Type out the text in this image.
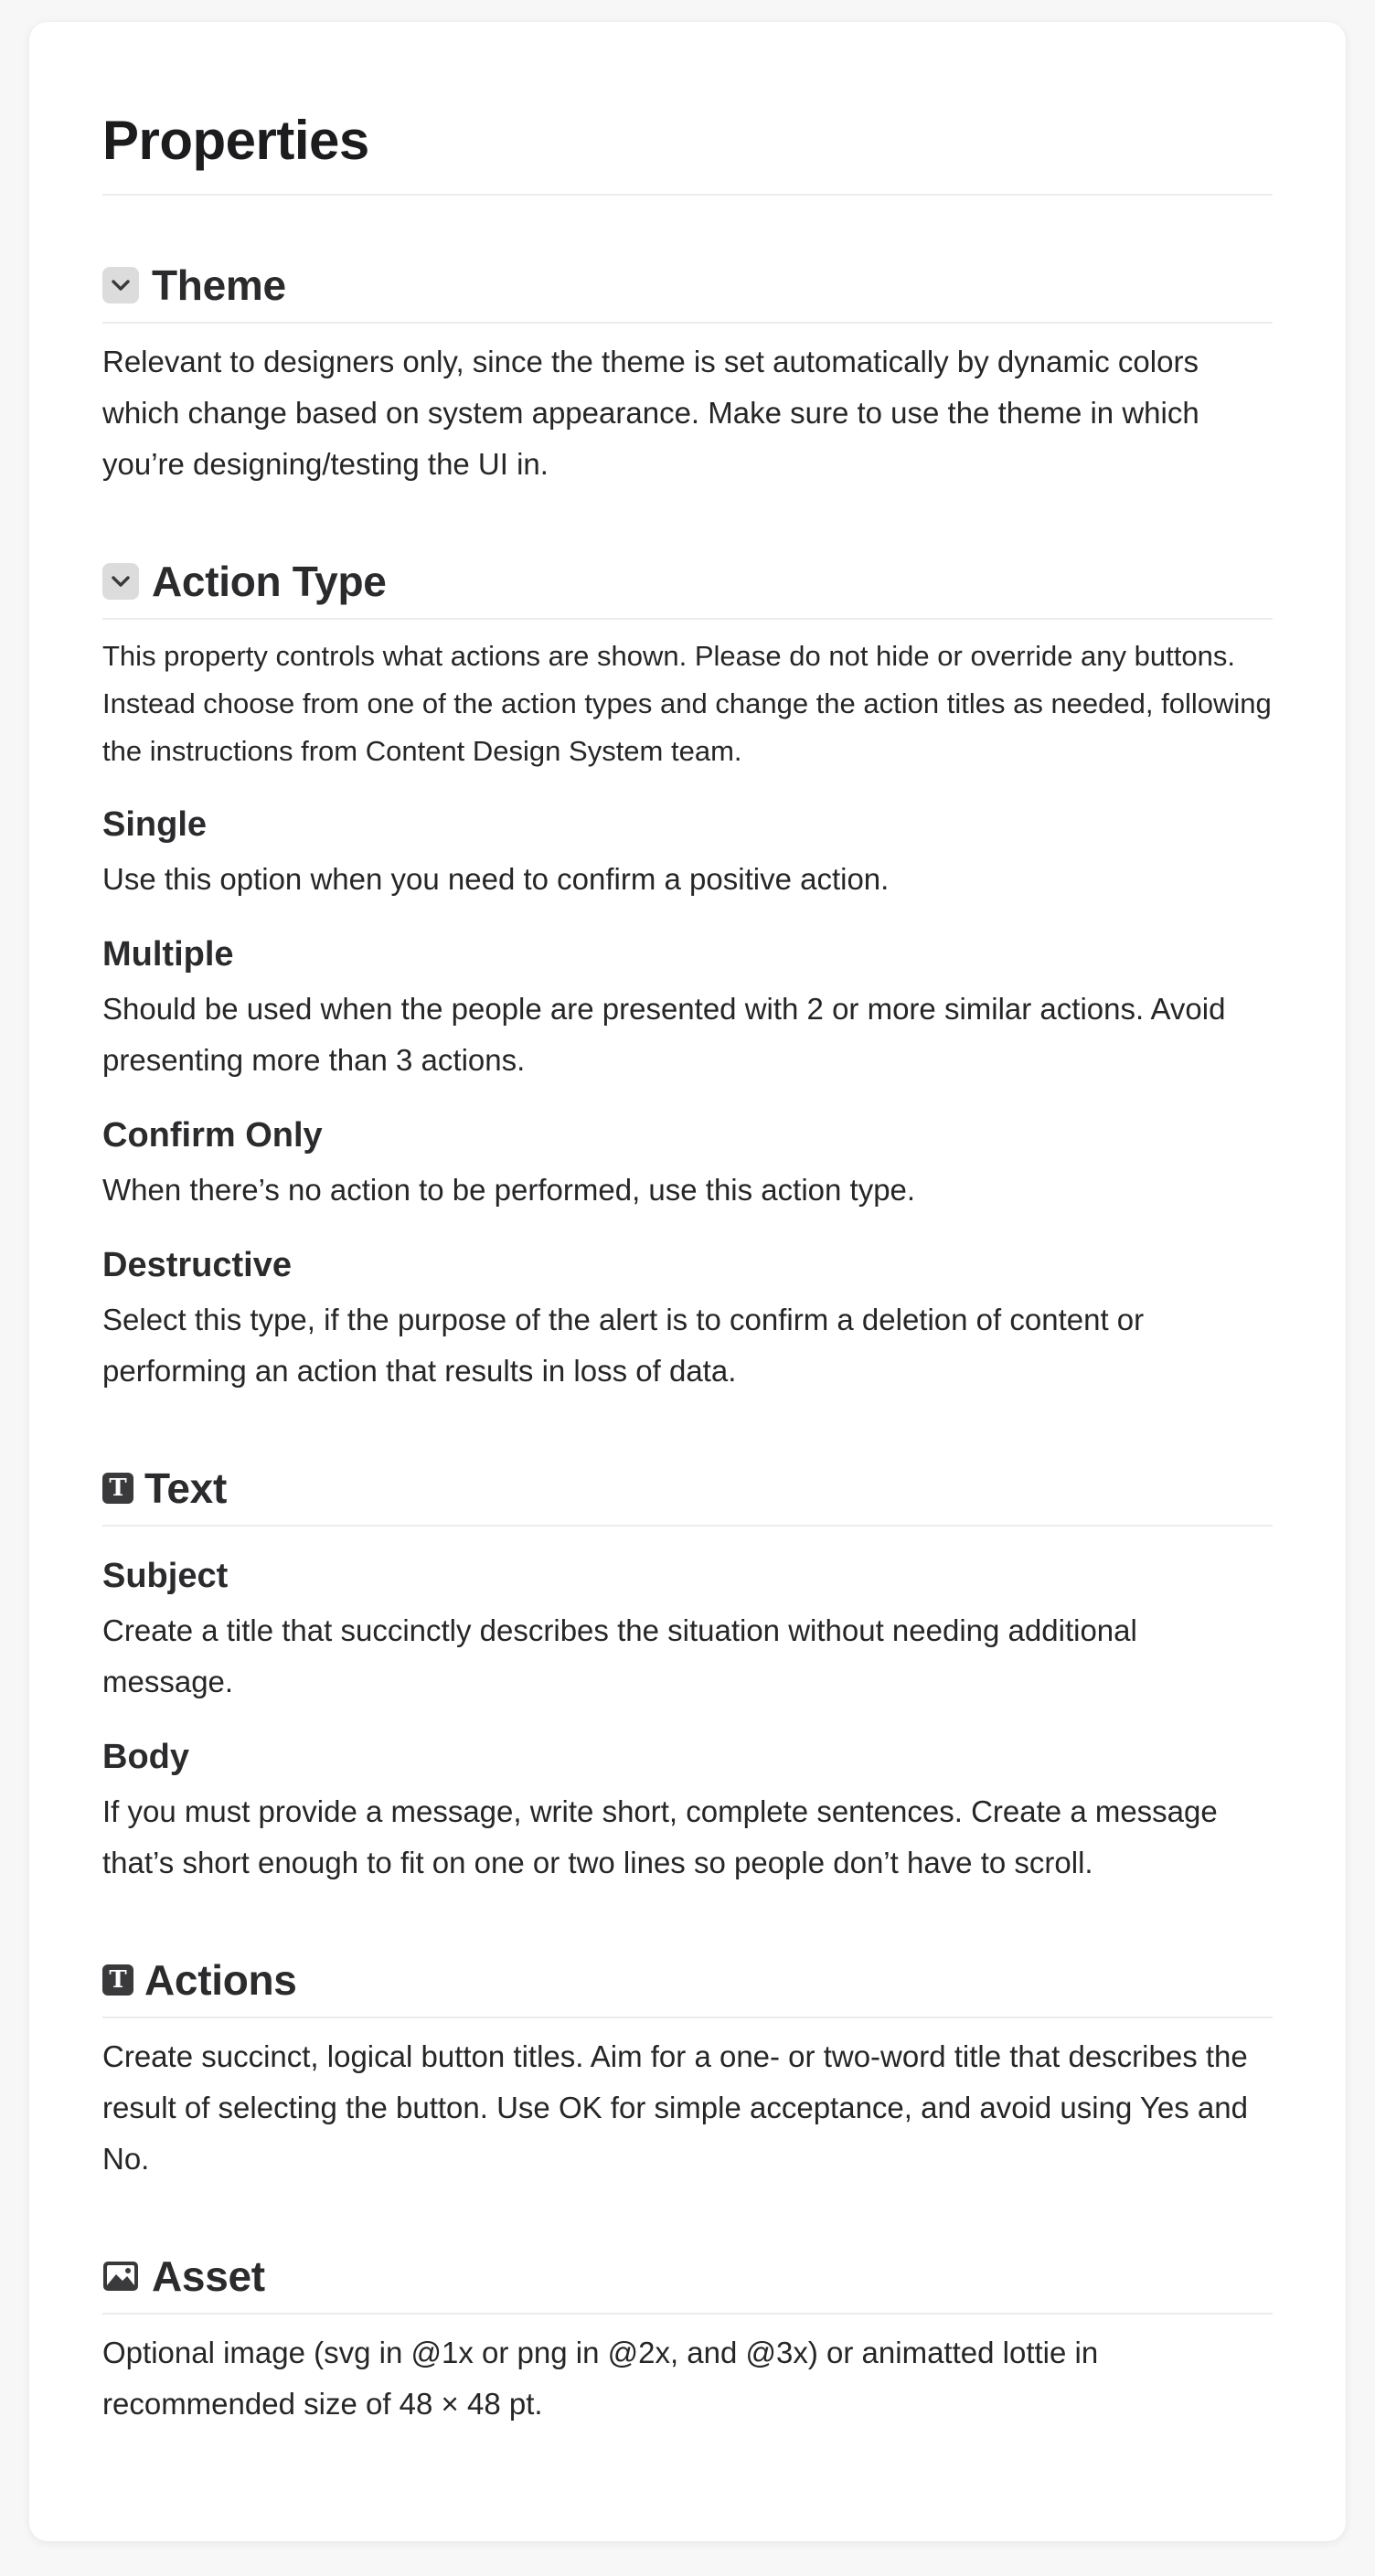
Properties
Theme

Relevant to designers only, since the theme is set automatically by dynamic colors which change based on system appearance. Make sure to use the theme in which you’re designing/testing the UI in.

Action Type

This property controls what actions are shown. Please do not hide or override any buttons. Instead choose from one of the action types and change the action titles as needed, following the instructions from Content Design System team.

Single

Use this option when you need to confirm a positive action.

Multiple

Should be used when the people are presented with 2 or more similar actions. Avoid presenting more than 3 actions.

Confirm Only

When there’s no action to be performed, use this action type.

Destructive

Select this type, if the purpose of the alert is to confirm a deletion of content or performing an action that results in loss of data.

T Text
Subject

Create a title that succinctly describes the situation without needing additional message.

Body

If you must provide a message, write short, complete sentences. Create a message that’s short enough to fit on one or two lines so people don’t have to scroll.

T Actions

Create succinct, logical button titles. Aim for a one- or two-word title that describes the result of selecting the button. Use OK for simple acceptance, and avoid using Yes and No.

Asset

Optional image (svg in @1x or png in @2x, and @3x) or animatted lottie in recommended size of 48 × 48 pt.
